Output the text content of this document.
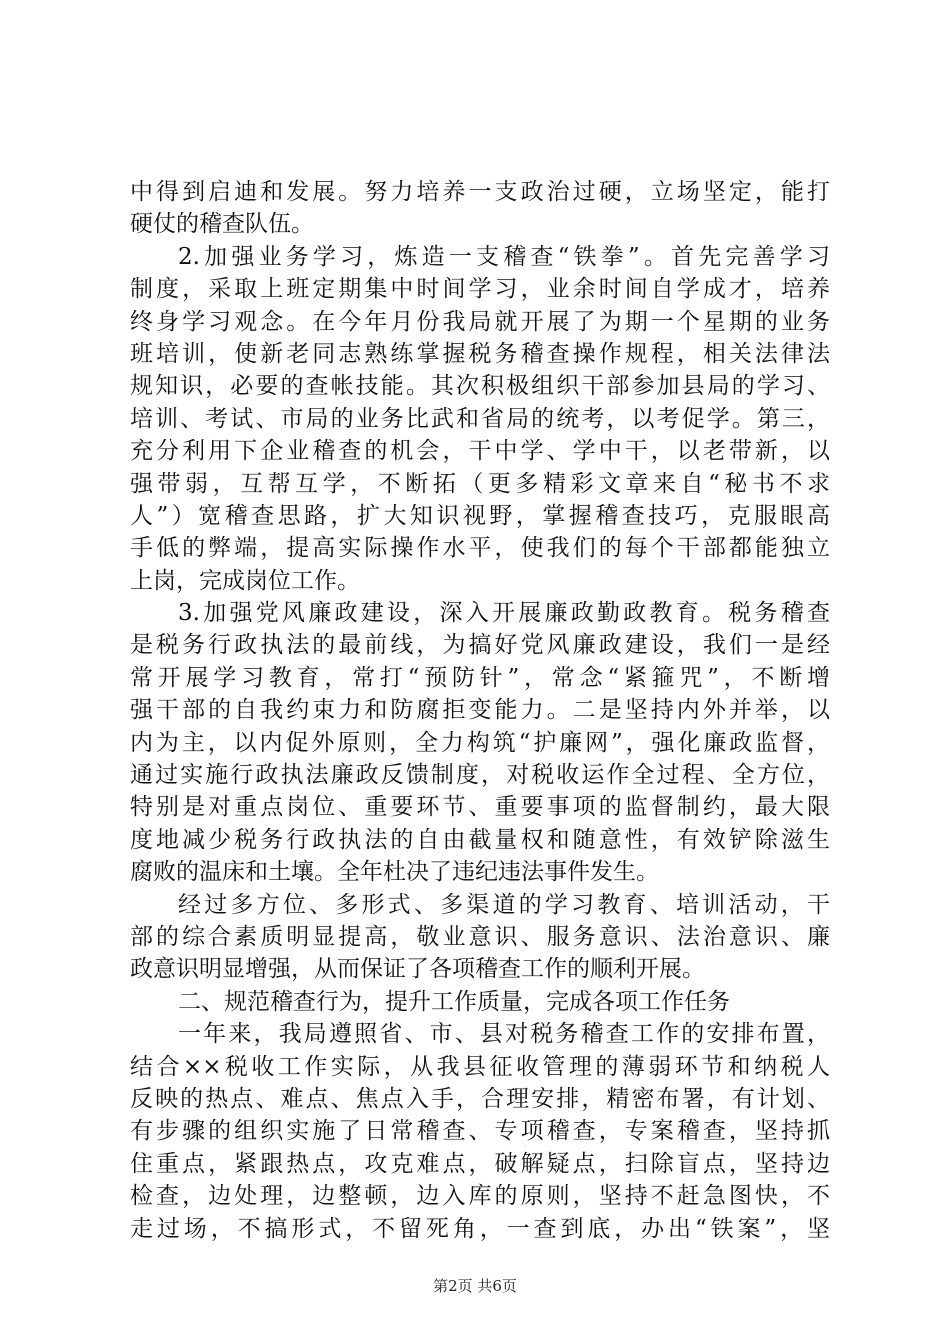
中得到启迪和发展。努力培养一支政治过硬，立场坚定，能打
硬仗的稽查队伍。
2.加强业务学习，炼造一支稽查“铁拳”。首先完善学习
制度，采取上班定期集中时间学习，业余时间自学成才，培养
终身学习观念。在今年月份我局就开展了为期一个星期的业务
班培训，使新老同志熟练掌握税务稽查操作规程，相关法律法
规知识，必要的查帐技能。其次积极组织干部参加县局的学习、
培训、考试、市局的业务比武和省局的统考，以考促学。第三，
充分利用下企业稽查的机会，干中学、学中干，以老带新，以
强带弱，互帮互学，不断拓（更多精彩文章来自“秘书不求
人”）宽稽查思路，扩大知识视野，掌握稽查技巧，克服眼高
手低的弊端，提高实际操作水平，使我们的每个干部都能独立
上岗，完成岗位工作。
3.加强党风廉政建设，深入开展廉政勤政教育。税务稽查
是税务行政执法的最前线，为搞好党风廉政建设，我们一是经
常开展学习教育，常打“预防针”，常念“紧箍咒”，不断增
强干部的自我约束力和防腐拒变能力。二是坚持内外并举，以
内为主，以内促外原则，全力构筑“护廉网”，强化廉政监督，
通过实施行政执法廉政反馈制度，对税收运作全过程、全方位，
特别是对重点岗位、重要环节、重要事项的监督制约，最大限
度地减少税务行政执法的自由截量权和随意性，有效铲除滋生
腐败的温床和土壤。全年杜决了违纪违法事件发生。
经过多方位、多形式、多渠道的学习教育、培训活动，干
部的综合素质明显提高，敬业意识、服务意识、法治意识、廉
政意识明显增强，从而保证了各项稽查工作的顺利开展。
二、规范稽查行为，提升工作质量，完成各项工作任务
一年来，我局遵照省、市、县对税务稽查工作的安排布置，
结合××税收工作实际，从我县征收管理的薄弱环节和纳税人
反映的热点、难点、焦点入手，合理安排，精密布署，有计划、
有步骤的组织实施了日常稽查、专项稽查，专案稽查，坚持抓
住重点，紧跟热点，攻克难点，破解疑点，扫除盲点，坚持边
检查，边处理，边整顿，边入库的原则，坚持不赶急图快，不
走过场，不搞形式，不留死角，一查到底，办出“铁案”，坚
第2页 共6页
